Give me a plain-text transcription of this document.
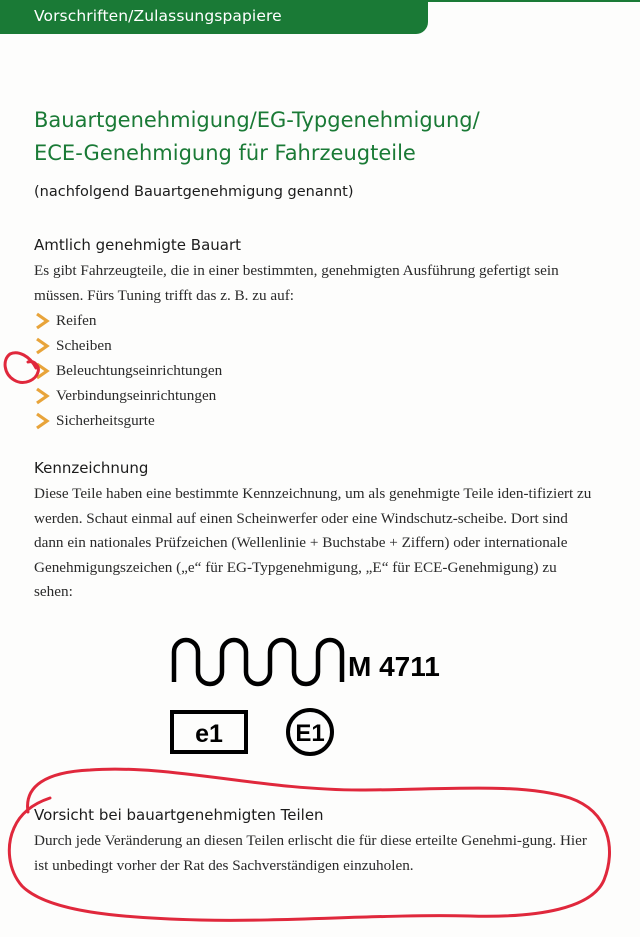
Vorschriften/Zulassungspapiere
Bauartgenehmigung/EG-Typgenehmigung/
ECE-Genehmigung für Fahrzeugteile
(nachfolgend Bauartgenehmigung genannt)
Amtlich genehmigte Bauart
Es gibt Fahrzeugteile, die in einer bestimmten, genehmigten Ausführung gefertigt sein müssen. Fürs Tuning trifft das z. B. zu auf:
Reifen
Scheiben
Beleuchtungseinrichtungen
Verbindungseinrichtungen
Sicherheitsgurte
Kennzeichnung
Diese Teile haben eine bestimmte Kennzeichnung, um als genehmigte Teile iden-tifiziert zu werden. Schaut einmal auf einen Scheinwerfer oder eine Windschutz-scheibe. Dort sind dann ein nationales Prüfzeichen (Wellenlinie + Buchstabe + Ziffern) oder internationale Genehmigungszeichen („e“ für EG-Typgenehmigung, „E“ für ECE-Genehmigung) zu sehen:
M 4711
e1	E1
Vorsicht bei bauartgenehmigten Teilen
Durch jede Veränderung an diesen Teilen erlischt die für diese erteilte Genehmi-gung. Hier ist unbedingt vorher der Rat des Sachverständigen einzuholen.
